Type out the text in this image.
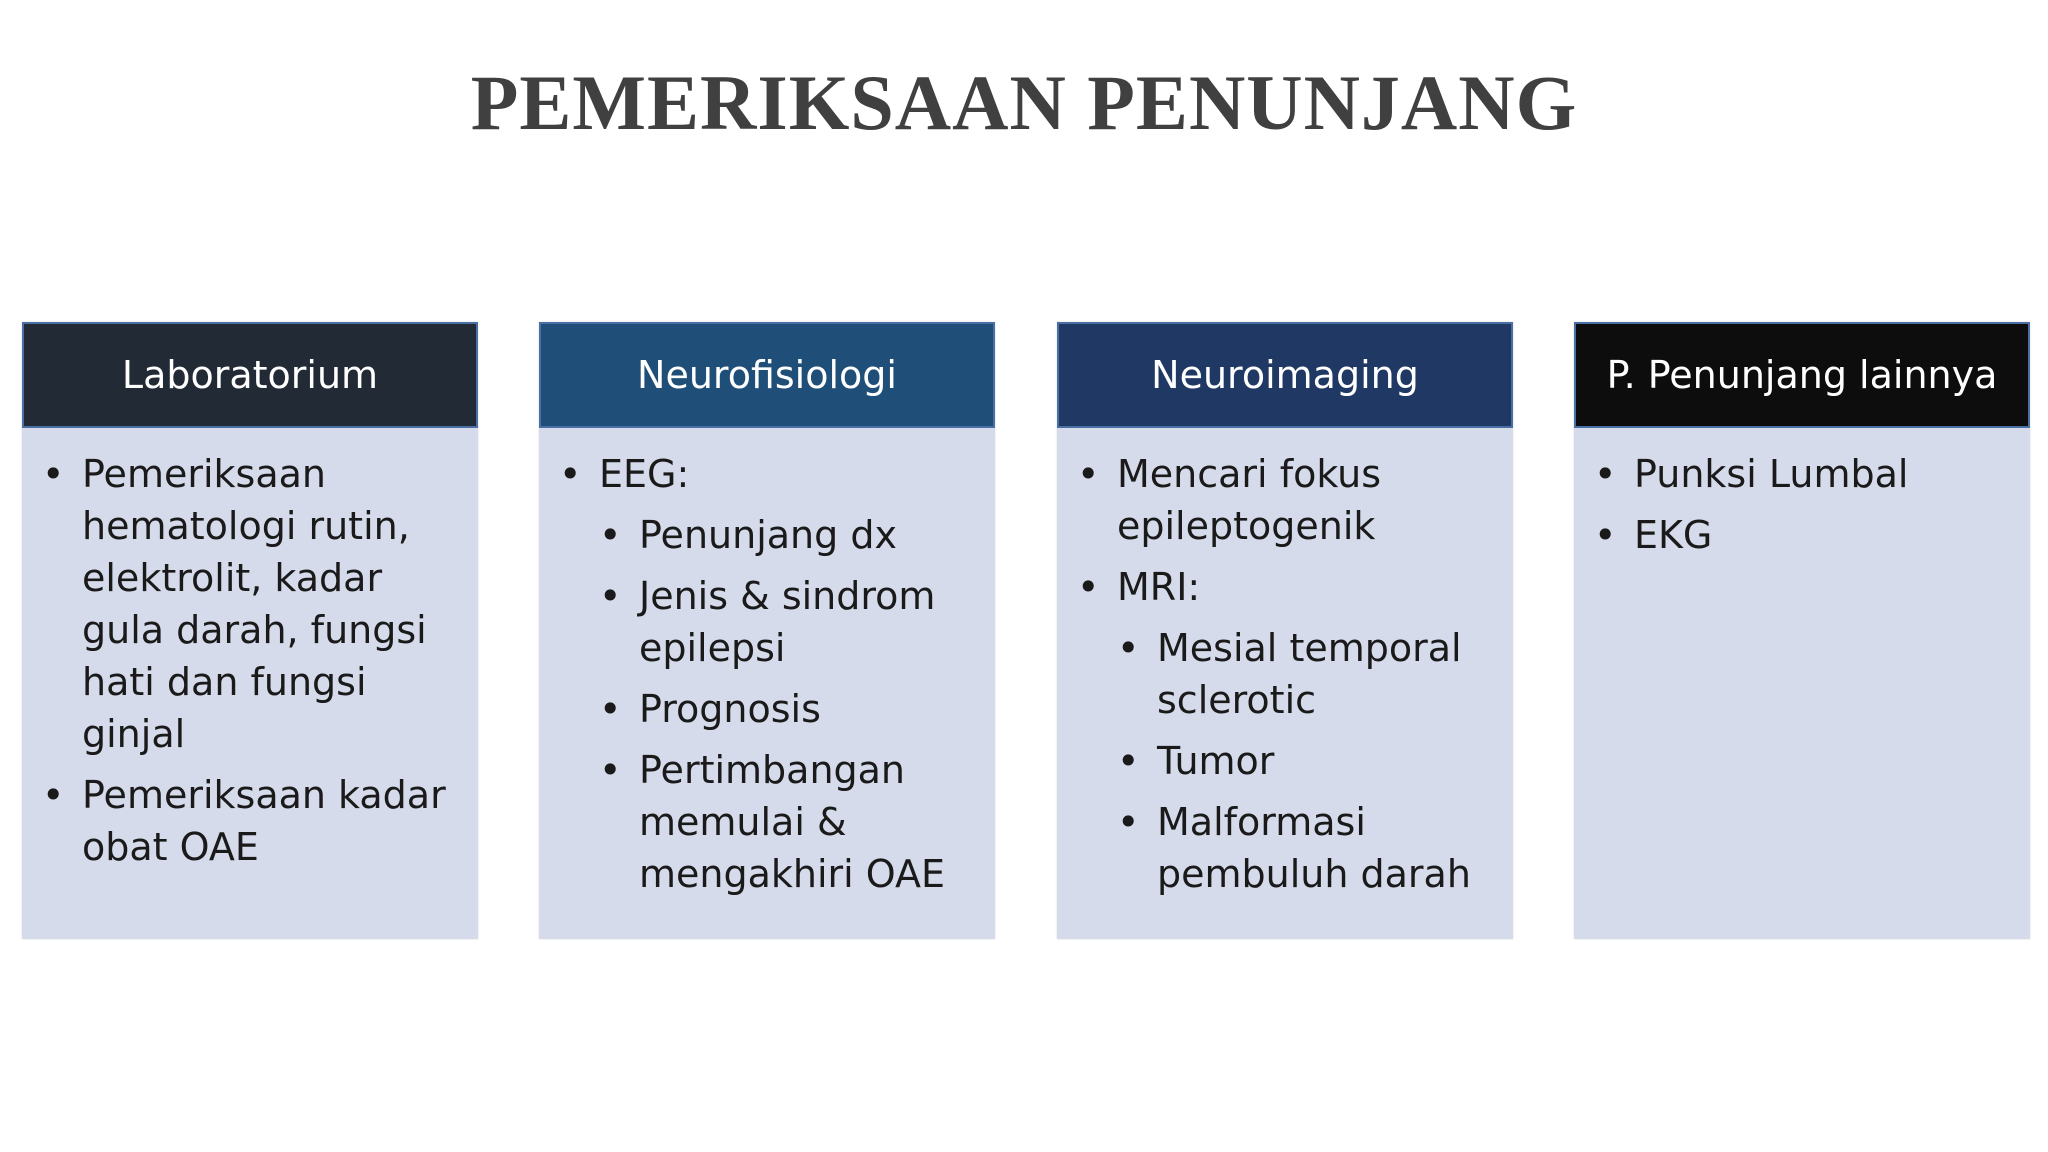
PEMERIKSAAN PENUNJANG
Laboratorium
• Pemeriksaan hematologi rutin, elektrolit, kadar gula darah, fungsi hati dan fungsi ginjal
• Pemeriksaan kadar obat OAE
Neurofisiologi
• EEG:
• Penunjang dx
• Jenis & sindrom epilepsi
• Prognosis
• Pertimbangan memulai & mengakhiri OAE
Neuroimaging
• Mencari fokus epileptogenik
• MRI:
• Mesial temporal sclerotic
• Tumor
• Malformasi pembuluh darah
P. Penunjang lainnya
• Punksi Lumbal
• EKG
